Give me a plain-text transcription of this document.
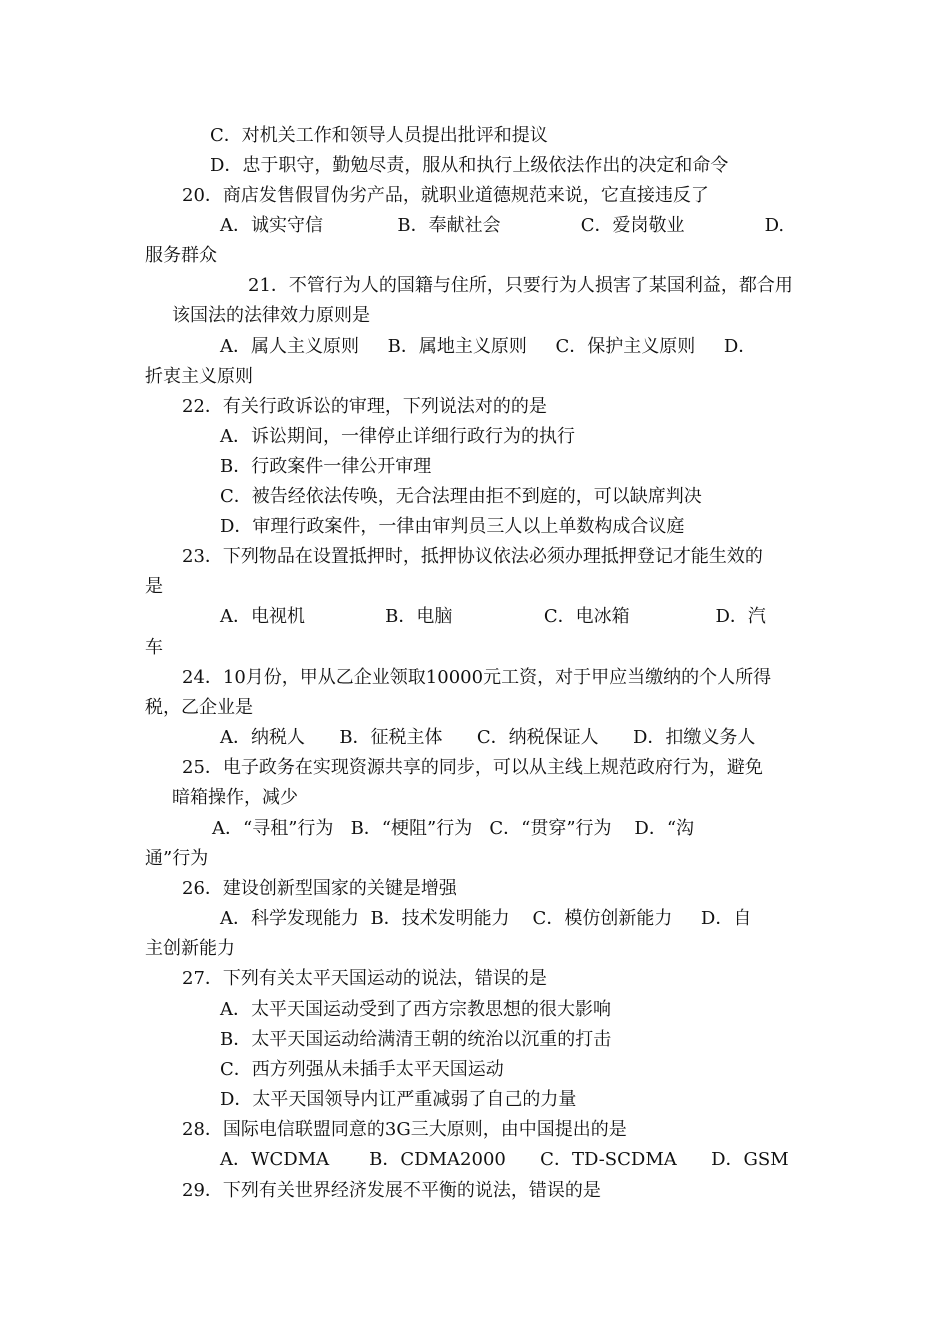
C．对机关工作和领导人员提出批评和提议
D．忠于职守，勤勉尽责，服从和执行上级依法作出的决定和命令
20．商店发售假冒伪劣产品，就职业道德规范来说，它直接违反了
A．诚实守信             B．奉献社会              C．爱岗敬业              D.
服务群众
21．不管行为人的国籍与住所，只要行为人损害了某国利益，都合用
该国法的法律效力原则是
A．属人主义原则     B．属地主义原则     C．保护主义原则     D．
折衷主义原则
22．有关行政诉讼的审理，下列说法对的的是
A．诉讼期间，一律停止详细行政行为的执行
B．行政案件一律公开审理
C．被告经依法传唤，无合法理由拒不到庭的，可以缺席判决
D．审理行政案件，一律由审判员三人以上单数构成合议庭
23．下列物品在设置抵押时，抵押协议依法必须办理抵押登记才能生效的
是
A．电视机              B．电脑                C．电冰箱               D．汽
车
24．10月份，甲从乙企业领取10000元工资，对于甲应当缴纳的个人所得
税，乙企业是
A．纳税人      B．征税主体      C．纳税保证人      D．扣缴义务人
25．电子政务在实现资源共享的同步，可以从主线上规范政府行为，避免
暗箱操作，减少
A．“寻租”行为   B．“梗阻”行为   C．“贯穿”行为    D．“沟
通”行为
26．建设创新型国家的关键是增强
A．科学发现能力  B．技术发明能力    C．模仿创新能力     D．自
主创新能力
27．下列有关太平天国运动的说法，错误的是
A．太平天国运动受到了西方宗教思想的很大影响
B．太平天国运动给满清王朝的统治以沉重的打击
C．西方列强从未插手太平天国运动
D．太平天国领导内讧严重减弱了自己的力量
28．国际电信联盟同意的3G三大原则，由中国提出的是
A．WCDMA       B．CDMA2000      C．TD-SCDMA      D．GSM
29．下列有关世界经济发展不平衡的说法，错误的是
